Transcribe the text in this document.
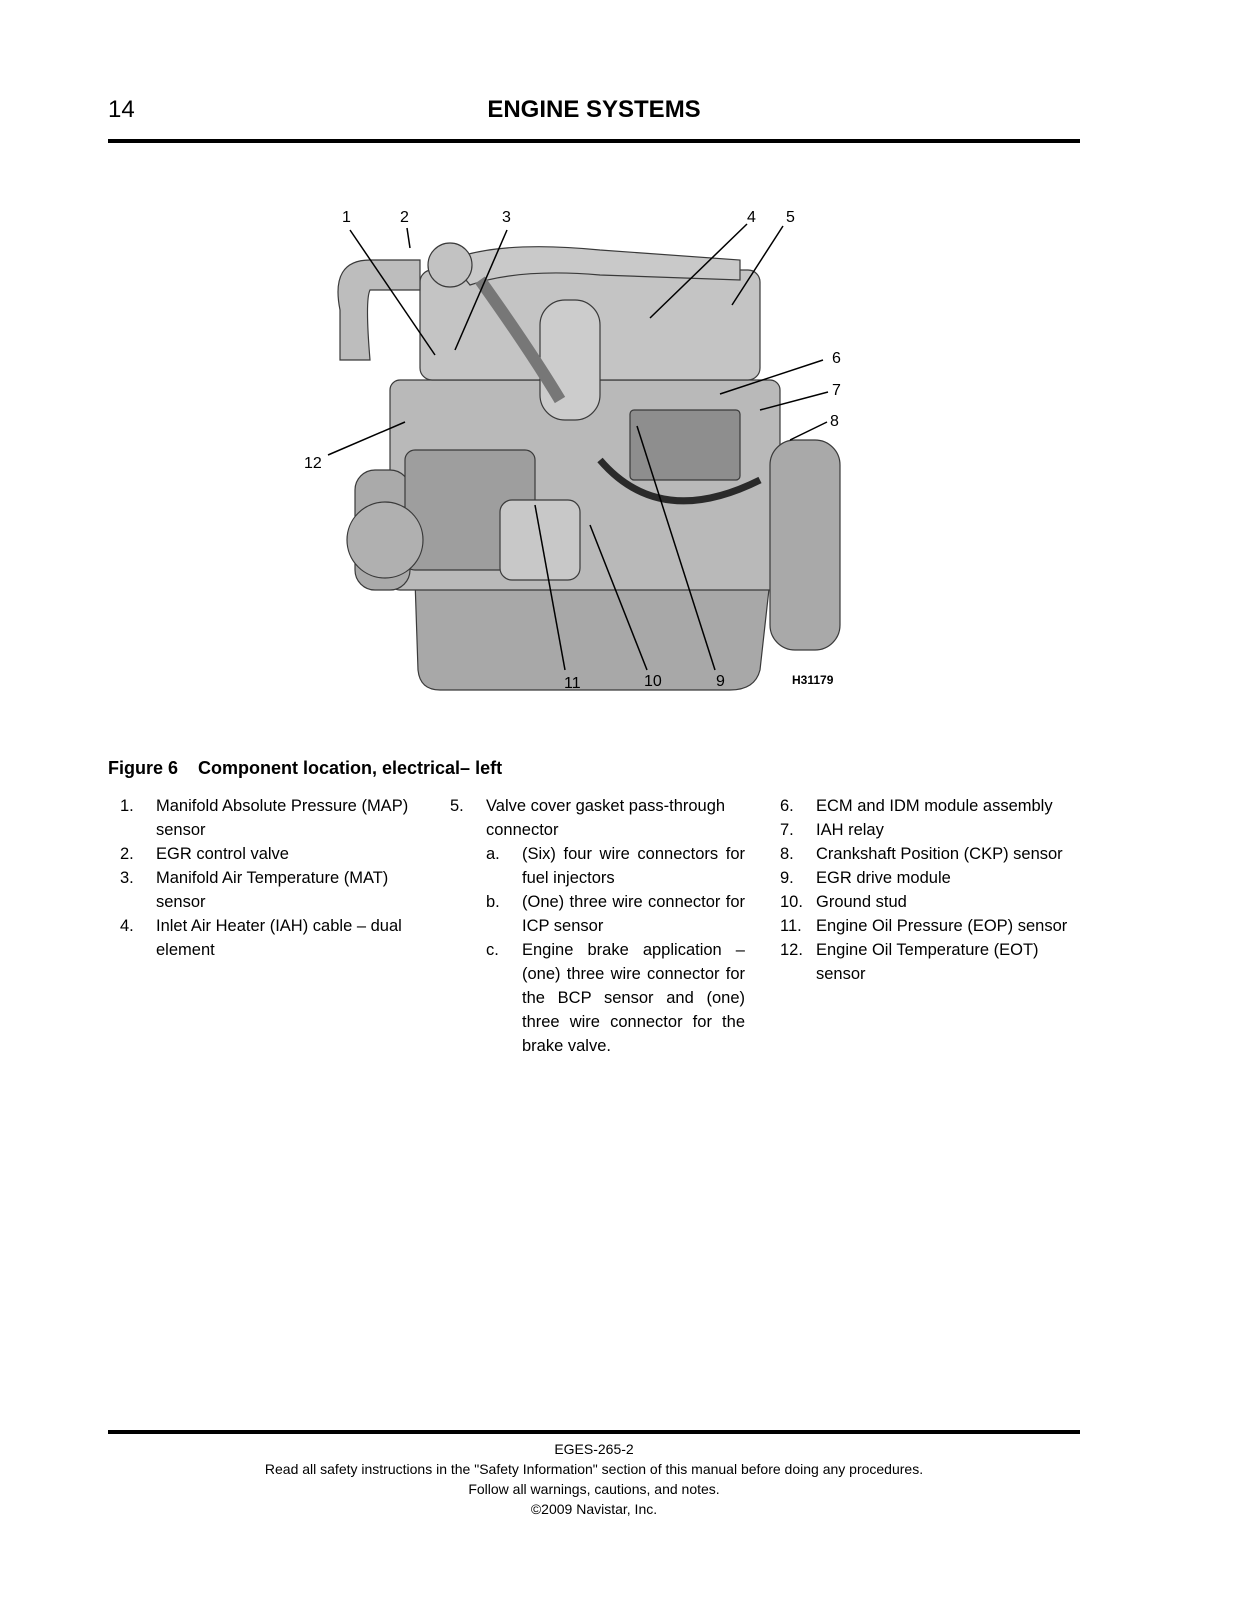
14	ENGINE SYSTEMS
1	2	3	4 5
6
7
8
9
10
11
12
H31179
Figure 6 Component location, electrical– left
1.	Manifold Absolute Pressure (MAP) sensor
2.	EGR control valve
3.	Manifold Air Temperature (MAT) sensor
4.	Inlet Air Heater (IAH) cable – dual element
5.	Valve cover gasket pass-through connector
a.	(Six) four wire connectors for fuel injectors
b.	(One) three wire connector for ICP sensor
c.	Engine brake application – (one) three wire connector for the BCP sensor and (one) three wire connector for the brake valve.
6.	ECM and IDM module assembly
7.	IAH relay
8.	Crankshaft Position (CKP) sensor
9.	EGR drive module
10. Ground stud
11. Engine Oil Pressure (EOP) sensor
12. Engine Oil Temperature (EOT) sensor
EGES-265-2
Read all safety instructions in the "Safety Information" section of this manual before doing any procedures.
Follow all warnings, cautions, and notes.
©2009 Navistar, Inc.
